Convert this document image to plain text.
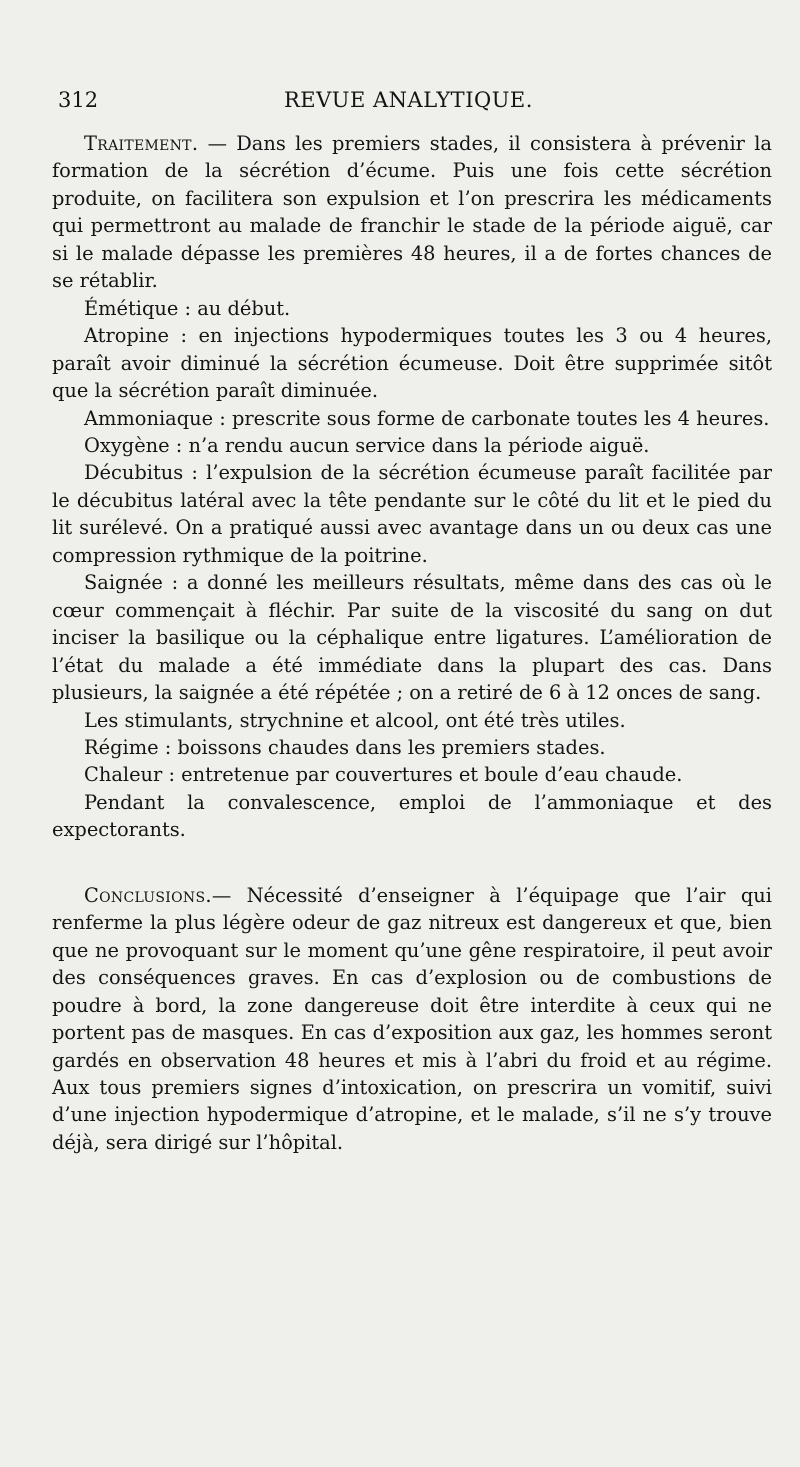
312	REVUE ANALYTIQUE.

Traitement. — Dans les premiers stades, il consistera à prévenir la formation de la sécrétion d’écume. Puis une fois cette sécrétion produite, on facilitera son expulsion et l’on prescrira les médicaments qui permettront au malade de franchir le stade de la période aiguë, car si le malade dépasse les premières 48 heures, il a de fortes chances de se rétablir.

Émétique : au début.

Atropine : en injections hypodermiques toutes les 3 ou 4 heures, paraît avoir diminué la sécrétion écumeuse. Doit être supprimée sitôt que la sécrétion paraît diminuée.

Ammoniaque : prescrite sous forme de carbonate toutes les 4 heures.

Oxygène : n’a rendu aucun service dans la période aiguë.

Décubitus : l’expulsion de la sécrétion écumeuse paraît facilitée par le décubitus latéral avec la tête pendante sur le côté du lit et le pied du lit surélevé. On a pratiqué aussi avec avantage dans un ou deux cas une compression rythmique de la poitrine.

Saignée : a donné les meilleurs résultats, même dans des cas où le cœur commençait à fléchir. Par suite de la viscosité du sang on dut inciser la basilique ou la céphalique entre ligatures. L’amélioration de l’état du malade a été immédiate dans la plupart des cas. Dans plusieurs, la saignée a été répétée ; on a retiré de 6 à 12 onces de sang.

Les stimulants, strychnine et alcool, ont été très utiles.

Régime : boissons chaudes dans les premiers stades.

Chaleur : entretenue par couvertures et boule d’eau chaude.

Pendant la convalescence, emploi de l’ammoniaque et des expectorants.

Conclusions.— Nécessité d’enseigner à l’équipage que l’air qui renferme la plus légère odeur de gaz nitreux est dangereux et que, bien que ne provoquant sur le moment qu’une gêne respiratoire, il peut avoir des conséquences graves. En cas d’explosion ou de combustions de poudre à bord, la zone dangereuse doit être interdite à ceux qui ne portent pas de masques. En cas d’exposition aux gaz, les hommes seront gardés en observation 48 heures et mis à l’abri du froid et au régime. Aux tous premiers signes d’intoxication, on prescrira un vomitif, suivi d’une injection hypodermique d’atropine, et le malade, s’il ne s’y trouve déjà, sera dirigé sur l’hôpital.
